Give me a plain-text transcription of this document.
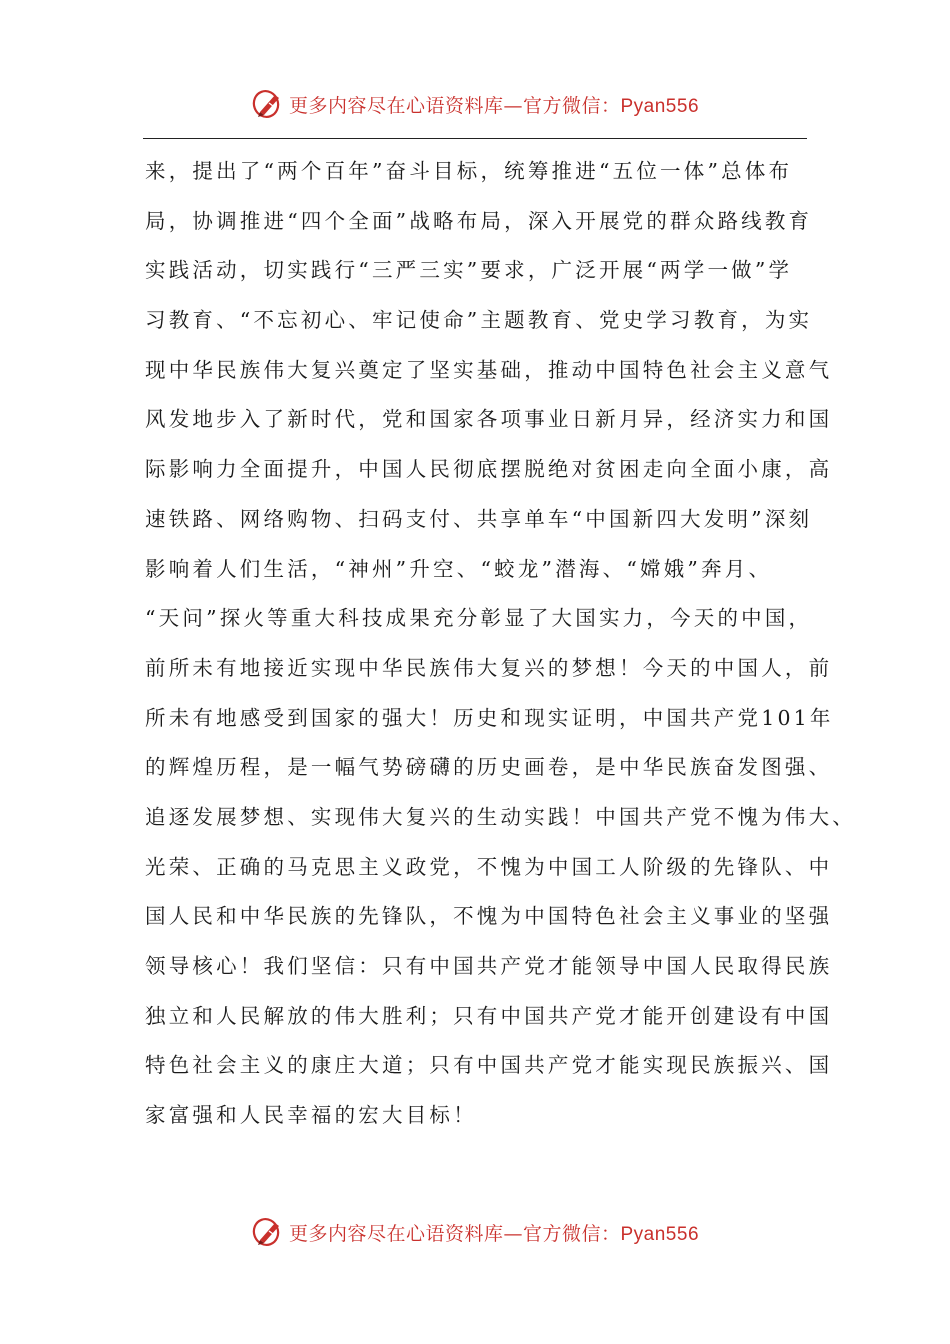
更多内容尽在心语资料库—官方微信：Pyan556
来，提出了“两个百年”奋斗目标，统筹推进“五位一体”总体布
局，协调推进“四个全面”战略布局，深入开展党的群众路线教育
实践活动，切实践行“三严三实”要求，广泛开展“两学一做”学
习教育、“不忘初心、牢记使命”主题教育、党史学习教育，为实
现中华民族伟大复兴奠定了坚实基础，推动中国特色社会主义意气
风发地步入了新时代，党和国家各项事业日新月异，经济实力和国
际影响力全面提升，中国人民彻底摆脱绝对贫困走向全面小康，高
速铁路、网络购物、扫码支付、共享单车“中国新四大发明”深刻
影响着人们生活，“神州”升空、“蛟龙”潜海、“嫦娥”奔月、
“天问”探火等重大科技成果充分彰显了大国实力，今天的中国，
前所未有地接近实现中华民族伟大复兴的梦想！今天的中国人，前
所未有地感受到国家的强大！历史和现实证明，中国共产党101年
的辉煌历程，是一幅气势磅礴的历史画卷，是中华民族奋发图强、
追逐发展梦想、实现伟大复兴的生动实践！中国共产党不愧为伟大、
光荣、正确的马克思主义政党，不愧为中国工人阶级的先锋队、中
国人民和中华民族的先锋队，不愧为中国特色社会主义事业的坚强
领导核心！我们坚信：只有中国共产党才能领导中国人民取得民族
独立和人民解放的伟大胜利；只有中国共产党才能开创建设有中国
特色社会主义的康庄大道；只有中国共产党才能实现民族振兴、国
家富强和人民幸福的宏大目标！
更多内容尽在心语资料库—官方微信：Pyan556
